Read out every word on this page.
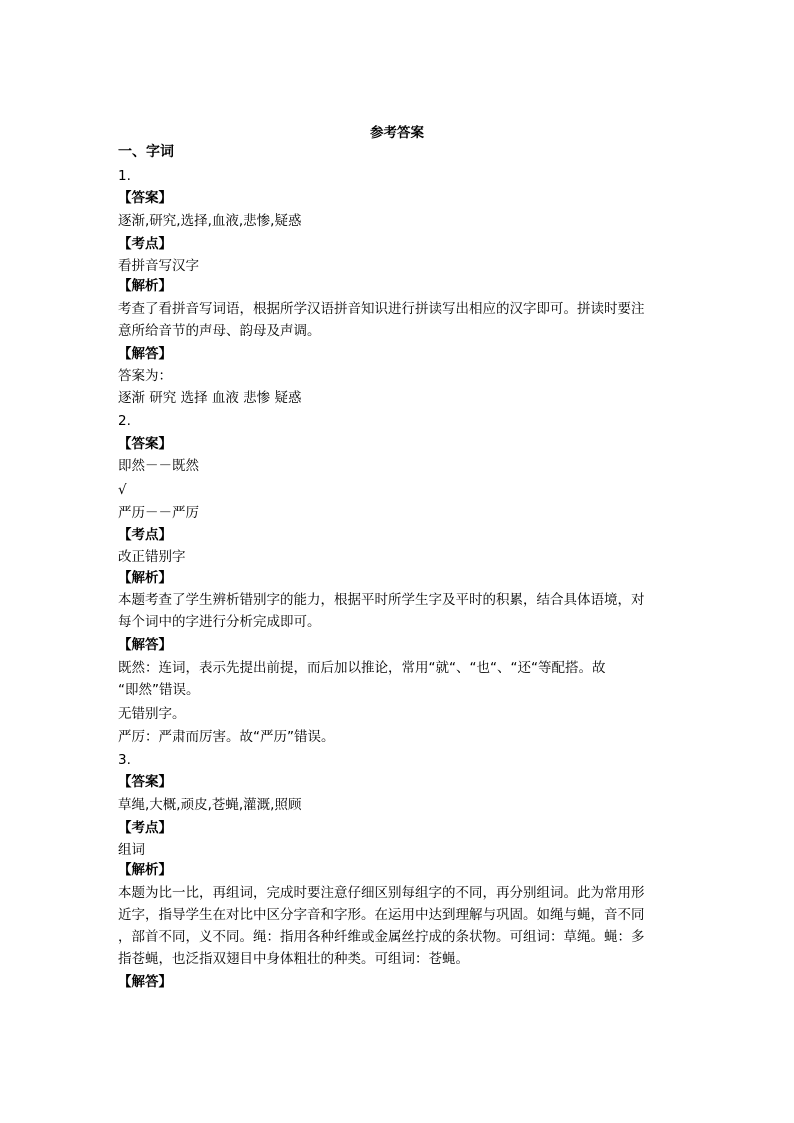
参考答案
一、字词
1.
【答案】
逐渐,研究,选择,血液,悲惨,疑惑
【考点】
看拼音写汉字
【解析】
考查了看拼音写词语，根据所学汉语拼音知识进行拼读写出相应的汉字即可。拼读时要注
意所给音节的声母、韵母及声调。
【解答】
答案为：
逐渐 研究 选择 血液 悲惨 疑惑
2.
【答案】
即然－－既然
√
严历－－严厉
【考点】
改正错别字
【解析】
本题考查了学生辨析错别字的能力，根据平时所学生字及平时的积累，结合具体语境，对
每个词中的字进行分析完成即可。
【解答】
既然：连词，表示先提出前提，而后加以推论，常用“就“、“也“、“还“等配搭。故
“即然”错误。
无错别字。
严厉：严肃而厉害。故“严历”错误。
3.
【答案】
草绳,大概,顽皮,苍蝇,灌溉,照顾
【考点】
组词
【解析】
本题为比一比，再组词，完成时要注意仔细区别每组字的不同，再分别组词。此为常用形
近字，指导学生在对比中区分字音和字形。在运用中达到理解与巩固。如绳与蝇，音不同
，部首不同，义不同。绳：指用各种纤维或金属丝拧成的条状物。可组词：草绳。蝇：多
指苍蝇，也泛指双翅目中身体粗壮的种类。可组词：苍蝇。
【解答】
